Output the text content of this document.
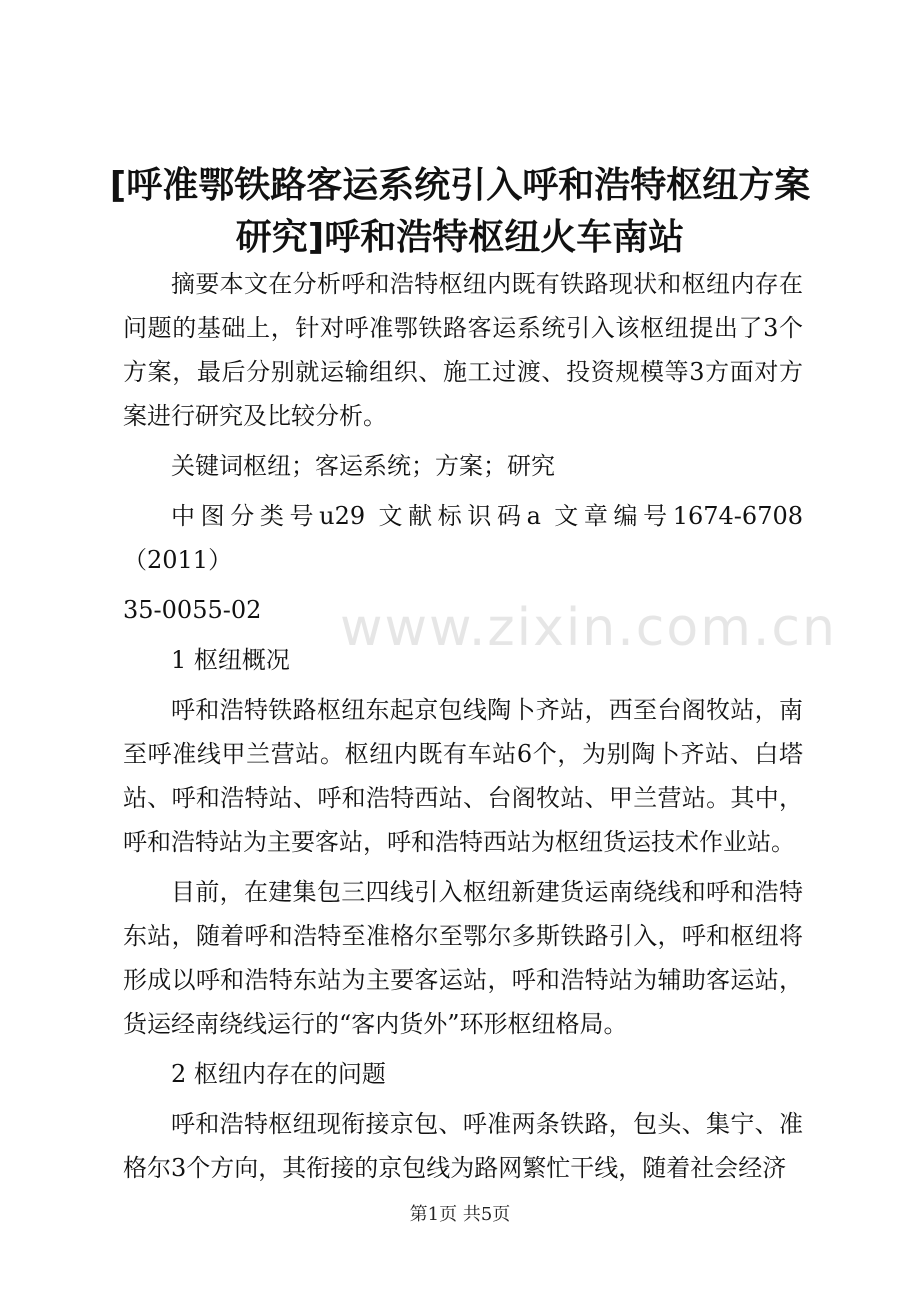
[呼准鄂铁路客运系统引入呼和浩特枢纽方案研究]呼和浩特枢纽火车南站
www.zixin.com.cn

摘要本文在分析呼和浩特枢纽内既有铁路现状和枢纽内存在问题的基础上，针对呼准鄂铁路客运系统引入该枢纽提出了3个方案，最后分别就运输组织、施工过渡、投资规模等3方面对方案进行研究及比较分析。

关键词枢纽；客运系统；方案；研究

中图分类号u29 文献标识码a 文章编号1674-6708（2011）

35-0055-02

1 枢纽概况

呼和浩特铁路枢纽东起京包线陶卜齐站，西至台阁牧站，南至呼准线甲兰营站。枢纽内既有车站6个，为别陶卜齐站、白塔站、呼和浩特站、呼和浩特西站、台阁牧站、甲兰营站。其中，呼和浩特站为主要客站，呼和浩特西站为枢纽货运技术作业站。

目前，在建集包三四线引入枢纽新建货运南绕线和呼和浩特东站，随着呼和浩特至准格尔至鄂尔多斯铁路引入，呼和枢纽将形成以呼和浩特东站为主要客运站，呼和浩特站为辅助客运站，货运经南绕线运行的“客内货外”环形枢纽格局。

2 枢纽内存在的问题

呼和浩特枢纽现衔接京包、呼准两条铁路，包头、集宁、准格尔3个方向，其衔接的京包线为路网繁忙干线，随着社会经济

第1页 共5页
